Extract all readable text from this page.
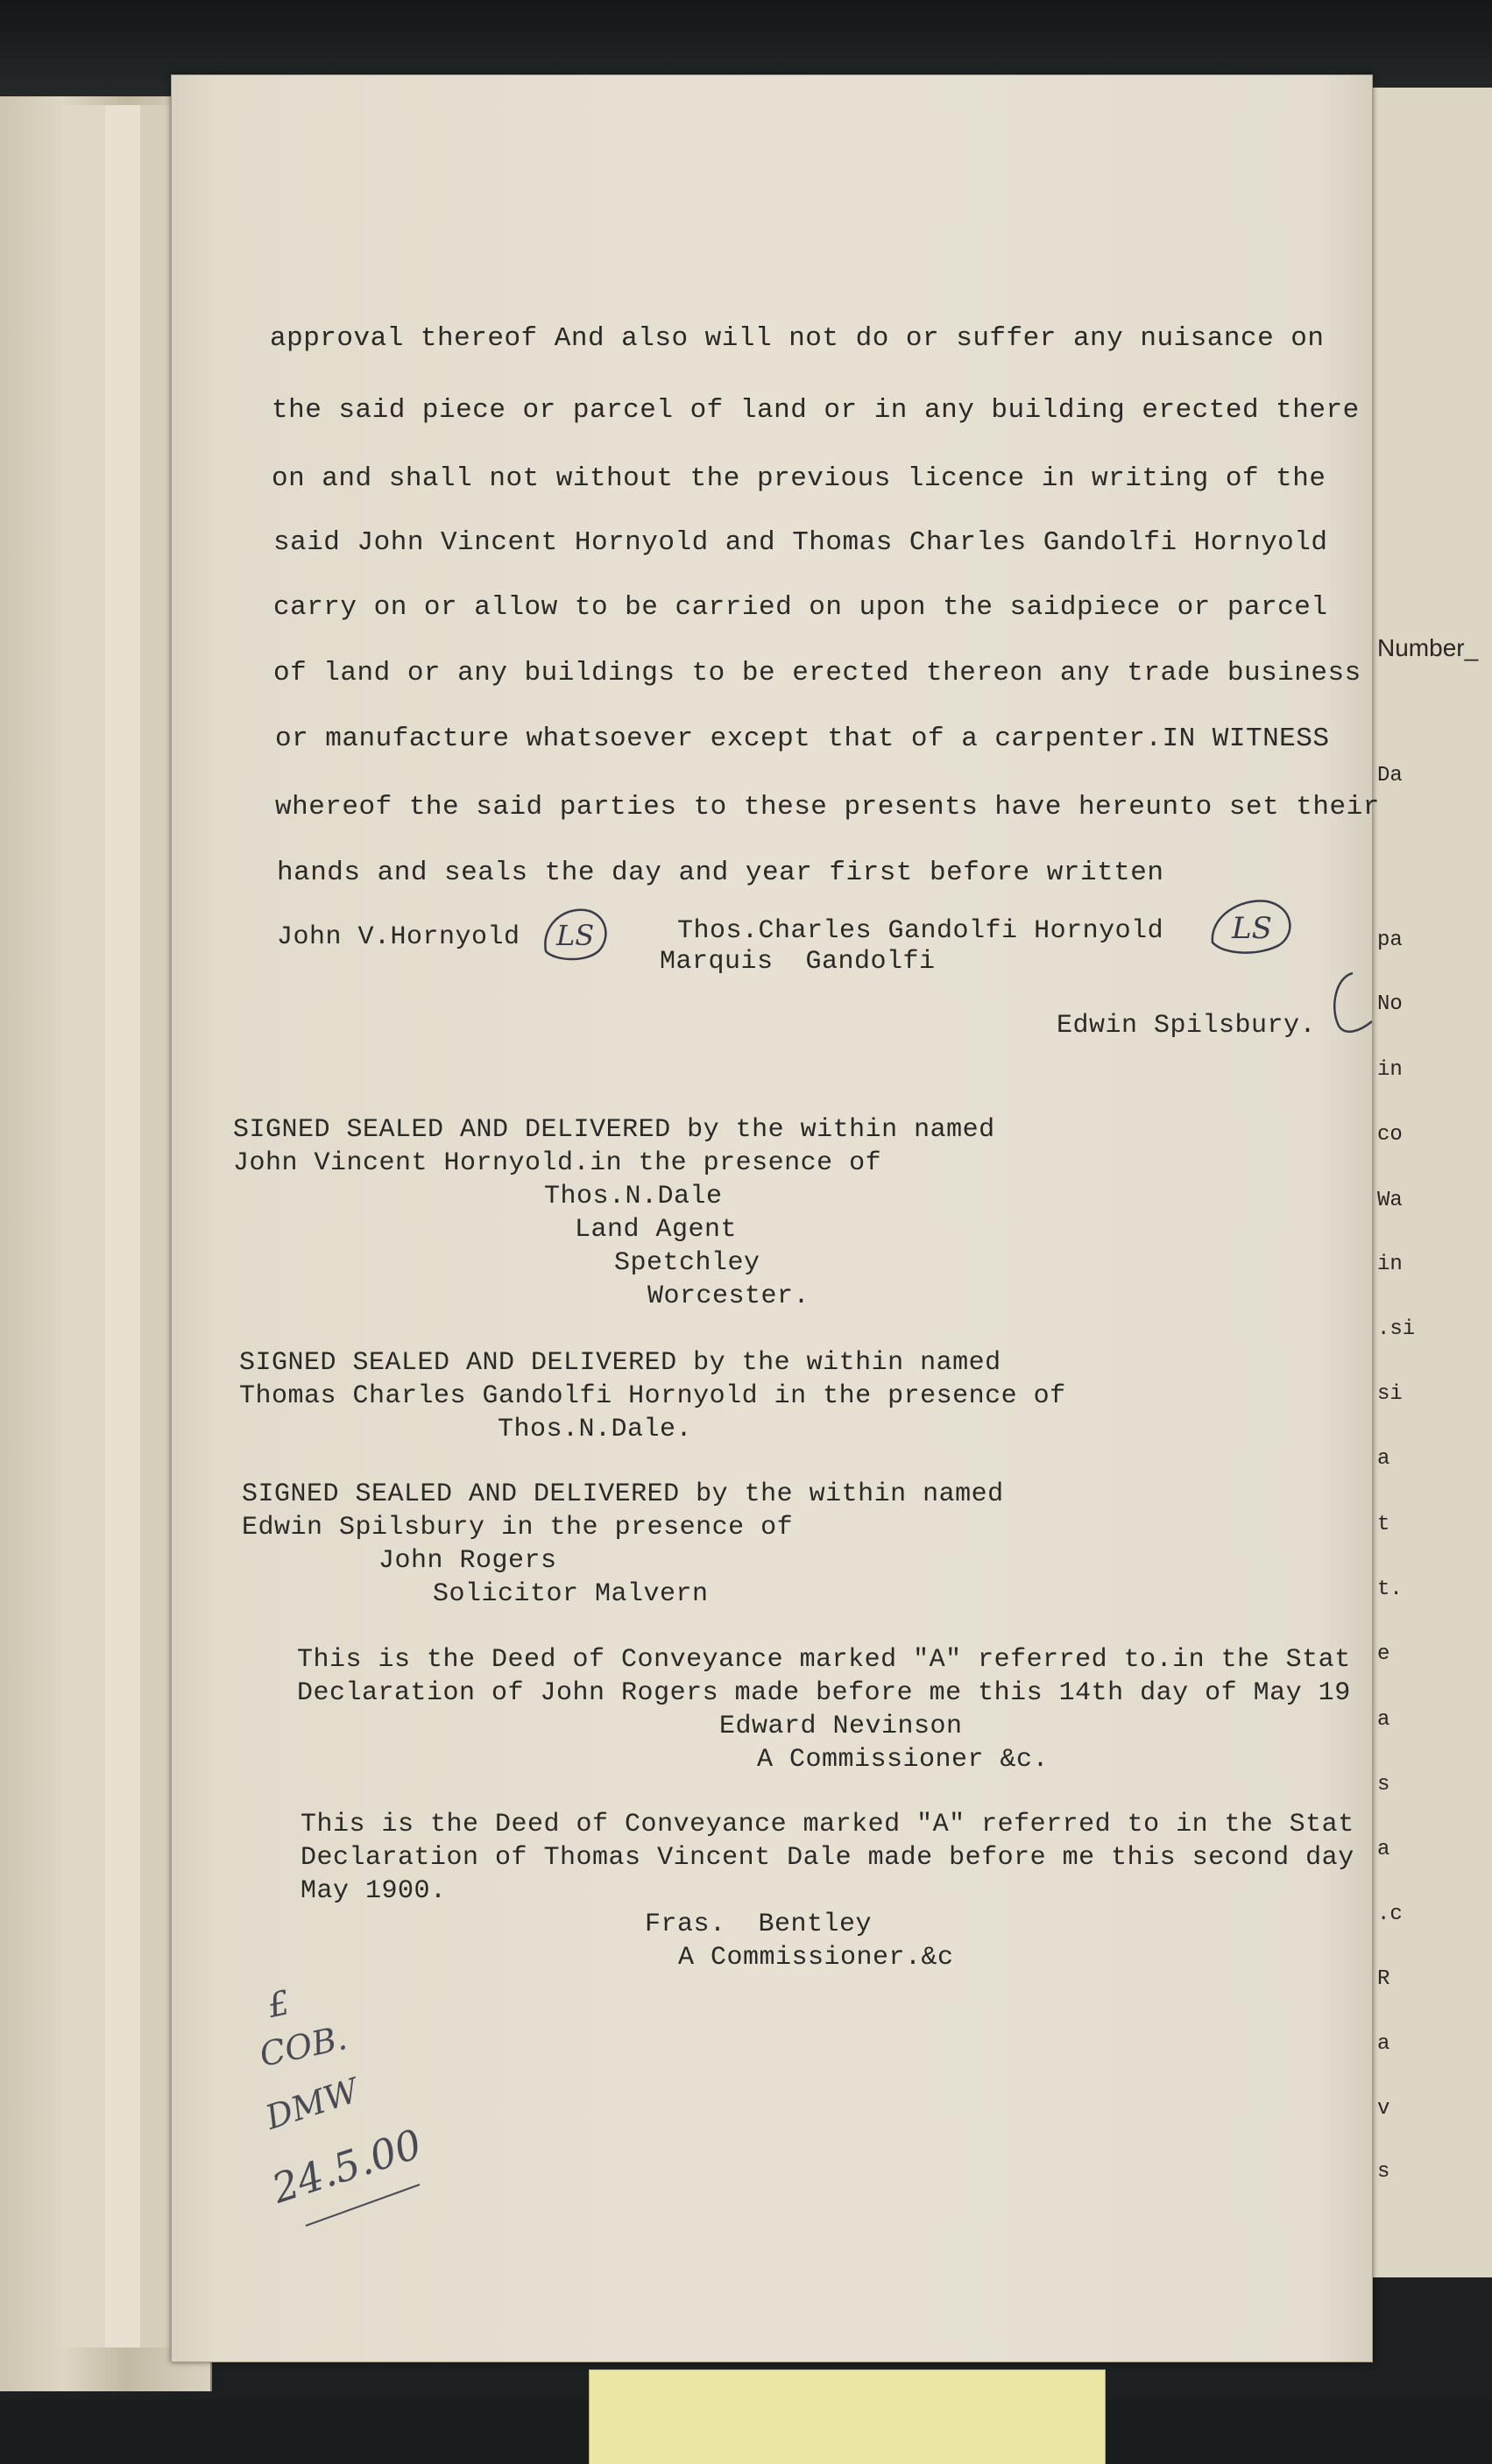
Number_
Da
pa
No
in
co
Wa
in
.si
si
a
t
t.
e
a
s
a
.c
R
a
v
s
approval thereof And also will not do or suffer any nuisance on
the said piece or parcel of land or in any building erected there
on and shall not without the previous licence in writing of the
said John Vincent Hornyold and Thomas Charles Gandolfi Hornyold
carry on or allow to be carried on upon the saidpiece or parcel
of land or any buildings to be erected thereon any trade business
or manufacture whatsoever except that of a carpenter.IN WITNESS
whereof the said parties to these presents have hereunto set their
hands and seals the day and year first before written
John V.Hornyold LS	Thos.Charles Gandolfi Hornyold LS
Marquis  Gandolfi
Edwin Spilsbury.
SIGNED SEALED AND DELIVERED by the within named
John Vincent Hornyold.in the presence of
Thos.N.Dale
Land Agent
Spetchley
Worcester.
SIGNED SEALED AND DELIVERED by the within named
Thomas Charles Gandolfi Hornyold in the presence of
Thos.N.Dale.
SIGNED SEALED AND DELIVERED by the within named
Edwin Spilsbury in the presence of
John Rogers
Solicitor Malvern
This is the Deed of Conveyance marked "A" referred to.in the Stat
Declaration of John Rogers made before me this 14th day of May 19
Edward Nevinson
A Commissioner &c.
This is the Deed of Conveyance marked "A" referred to in the Stat
Declaration of Thomas Vincent Dale made before me this second day
May 1900.
Fras.  Bentley
A Commissioner.&c
£
COB.
DMW
24.5.00
